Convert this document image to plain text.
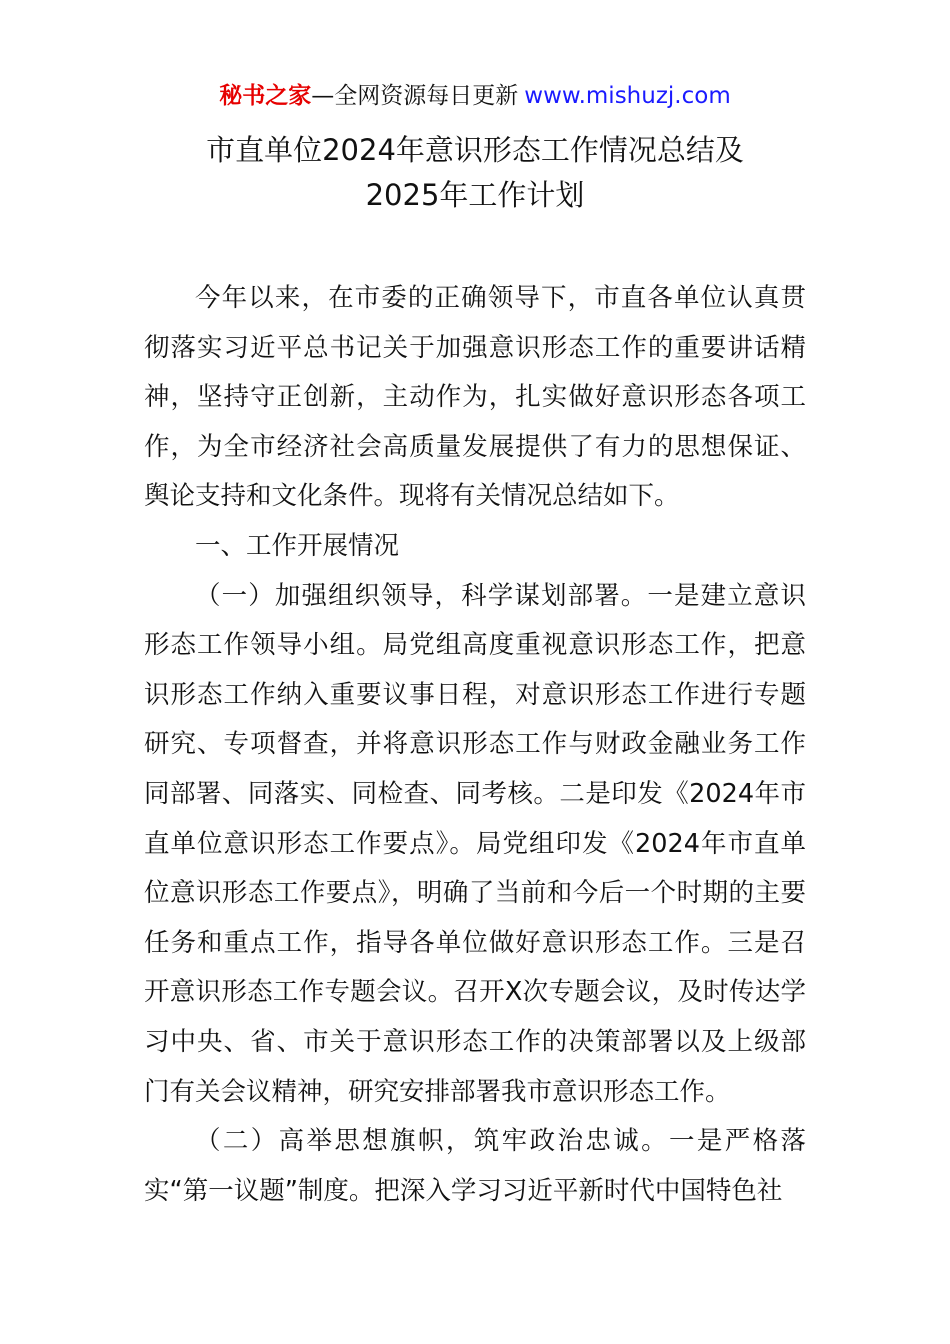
秘书之家—全网资源每日更新 www.mishuzj.com
市直单位2024年意识形态工作情况总结及
2025年工作计划

今年以来，在市委的正确领导下，市直各单位认真贯彻落实习近平总书记关于加强意识形态工作的重要讲话精神，坚持守正创新，主动作为，扎实做好意识形态各项工作，为全市经济社会高质量发展提供了有力的思想保证、舆论支持和文化条件。现将有关情况总结如下。

一、工作开展情况

（一）加强组织领导，科学谋划部署。一是建立意识形态工作领导小组。局党组高度重视意识形态工作，把意识形态工作纳入重要议事日程，对意识形态工作进行专题研究、专项督查，并将意识形态工作与财政金融业务工作同部署、同落实、同检查、同考核。二是印发《2024年市直单位意识形态工作要点》。局党组印发《2024年市直单位意识形态工作要点》，明确了当前和今后一个时期的主要任务和重点工作，指导各单位做好意识形态工作。三是召开意识形态工作专题会议。召开X次专题会议，及时传达学习中央、省、市关于意识形态工作的决策部署以及上级部门有关会议精神，研究安排部署我市意识形态工作。

（二）高举思想旗帜，筑牢政治忠诚。一是严格落实“第一议题”制度。把深入学习习近平新时代中国特色社
